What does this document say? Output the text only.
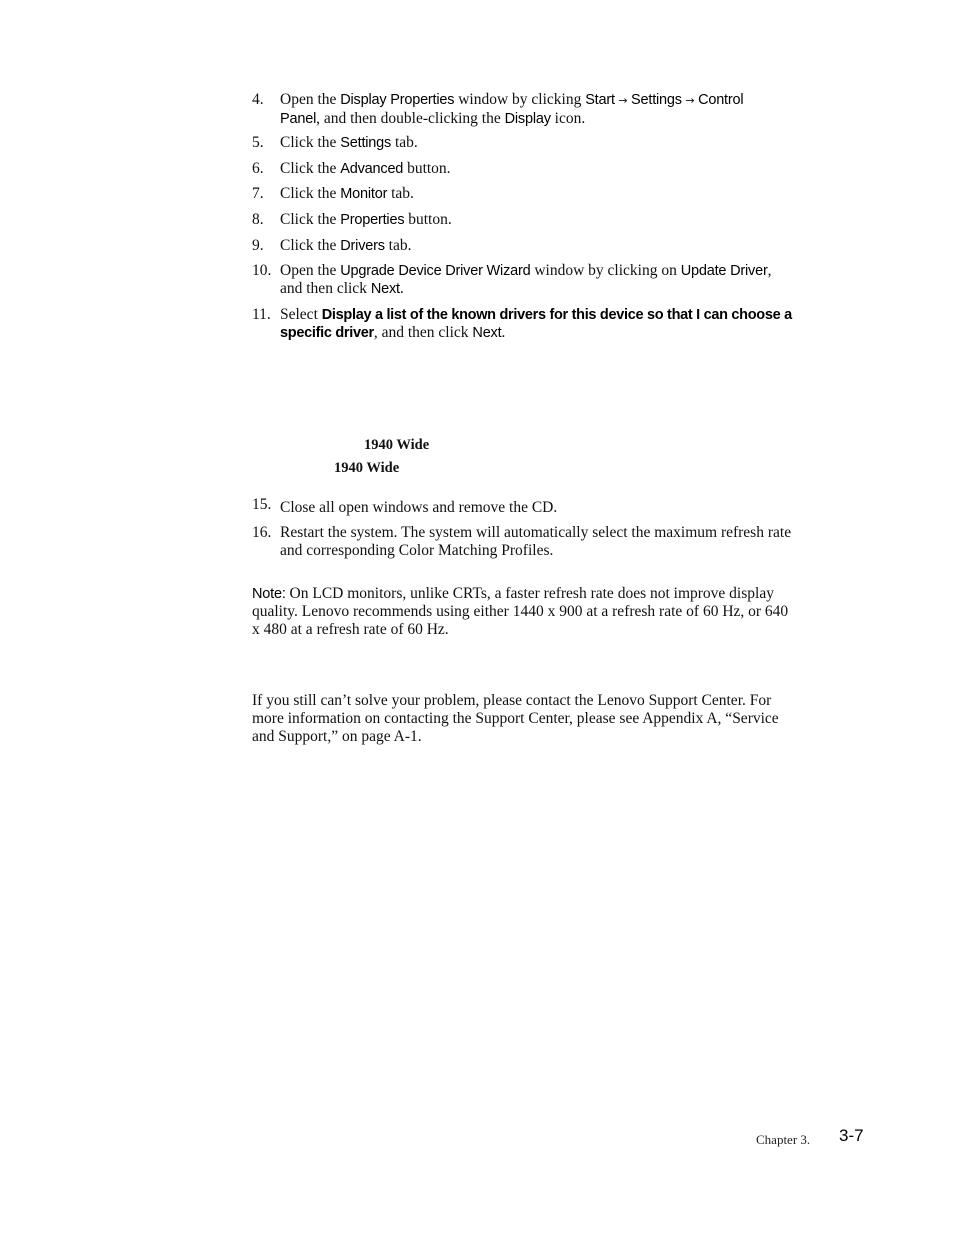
4.	Open the Display Properties window by clicking Start → Settings → Control
Panel, and then double-clicking the Display icon.
5.	Click the Settings tab.
6.	Click the Advanced button.
7.	Click the Monitor tab.
8.	Click the Properties button.
9.	Click the Drivers tab.
10. Open the Upgrade Device Driver Wizard window by clicking on Update Driver,
and then click Next.
11. Select Display a list of the known drivers for this device so that I can choose a
specific driver, and then click Next.
1940 Wide
1940 Wide
15. Close all open windows and remove the CD.
16. Restart the system. The system will automatically select the maximum refresh rate
and corresponding Color Matching Profiles.
Note: On LCD monitors, unlike CRTs, a faster refresh rate does not improve display
quality. Lenovo recommends using either 1440 x 900 at a refresh rate of 60 Hz, or 640
x 480 at a refresh rate of 60 Hz.
If you still can’t solve your problem, please contact the Lenovo Support Center. For
more information on contacting the Support Center, please see Appendix A, “Service
and Support,” on page A-1.
Chapter 3. 3-7
